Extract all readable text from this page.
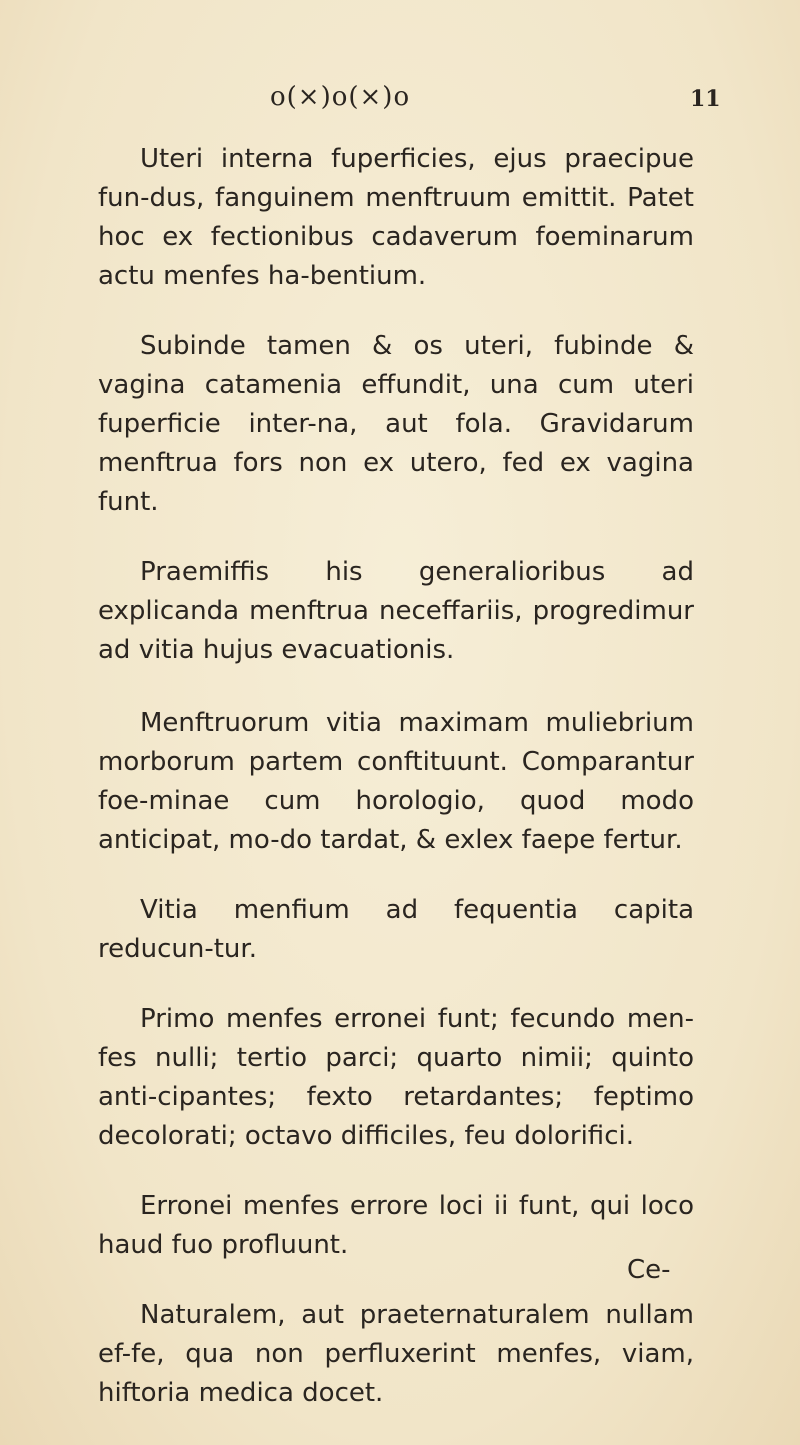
o(⨯)o(⨯)o	11

Uteri interna fuperficies, ejus praecipue fun-dus, fanguinem menftruum emittit. Patet hoc ex fectionibus cadaverum foeminarum actu menfes ha-bentium.

Subinde tamen & os uteri, fubinde & vagina catamenia effundit, una cum uteri fuperficie inter-na, aut fola. Gravidarum menftrua fors non ex utero, fed ex vagina funt.

Praemiffis his generalioribus ad explicanda menftrua neceffariis, progredimur ad vitia hujus evacuationis.

Menftruorum vitia maximam muliebrium morborum partem conftituunt. Comparantur foe-minae cum horologio, quod modo anticipat, mo-do tardat, & exlex faepe fertur.

Vitia menfium ad fequentia capita reducun-tur.

Primo menfes erronei funt; fecundo men-fes nulli; tertio parci; quarto nimii; quinto anti-cipantes; fexto retardantes; feptimo decolorati; octavo difficiles, feu dolorifici.

Erronei menfes errore loci ii funt, qui loco haud fuo profluunt.

Naturalem, aut praeternaturalem nullam ef-fe, qua non perfluxerint menfes, viam, hiftoria medica docet.

Ce-
